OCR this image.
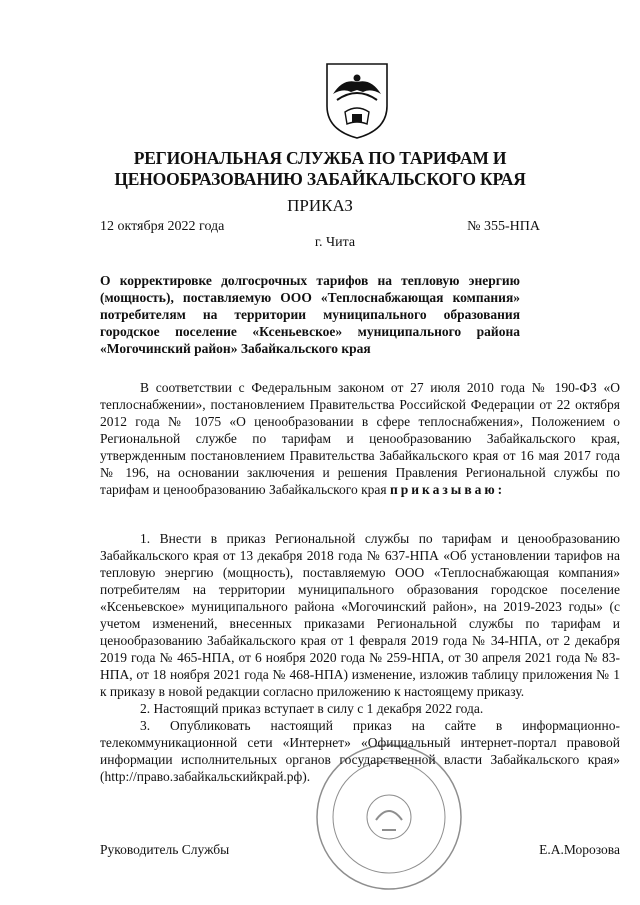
РЕГИОНАЛЬНАЯ СЛУЖБА ПО ТАРИФАМ И ЦЕНООБРАЗОВАНИЮ ЗАБАЙКАЛЬСКОГО КРАЯ
ПРИКАЗ
12 октября 2022 года	№ 355-НПА
г. Чита
О корректировке долгосрочных тарифов на тепловую энергию (мощность), поставляемую ООО «Теплоснабжающая компания» потребителям на территории муниципального образования городское поселение «Ксеньевское» муниципального района «Могочинский район» Забайкальского края
В соответствии с Федеральным законом от 27 июля 2010 года № 190-ФЗ «О теплоснабжении», постановлением Правительства Российской Федерации от 22 октября 2012 года № 1075 «О ценообразовании в сфере теплоснабжения», Положением о Региональной службе по тарифам и ценообразованию Забайкальского края, утвержденным постановлением Правительства Забайкальского края от 16 мая 2017 года № 196, на основании заключения и решения Правления Региональной службы по тарифам и ценообразованию Забайкальского края приказываю:

1. Внести в приказ Региональной службы по тарифам и ценообразованию Забайкальского края от 13 декабря 2018 года № 637-НПА «Об установлении тарифов на тепловую энергию (мощность), поставляемую ООО «Теплоснабжающая компания» потребителям на территории муниципального образования городское поселение «Ксеньевское» муниципального района «Могочинский район», на 2019-2023 годы» (с учетом изменений, внесенных приказами Региональной службы по тарифам и ценообразованию Забайкальского края от 1 февраля 2019 года № 34-НПА, от 2 декабря 2019 года № 465-НПА, от 6 ноября 2020 года № 259-НПА, от 30 апреля 2021 года № 83-НПА, от 18 ноября 2021 года № 468-НПА) изменение, изложив таблицу приложения № 1 к приказу в новой редакции согласно приложению к настоящему приказу.

2. Настоящий приказ вступает в силу с 1 декабря 2022 года.

3. Опубликовать настоящий приказ на сайте в информационно-телекоммуникационной сети «Интернет» «Официальный интернет-портал правовой информации исполнительных органов государственной власти Забайкальского края» (http://право.забайкальскийкрай.рф).

Руководитель Службы	Е.А.Морозова
